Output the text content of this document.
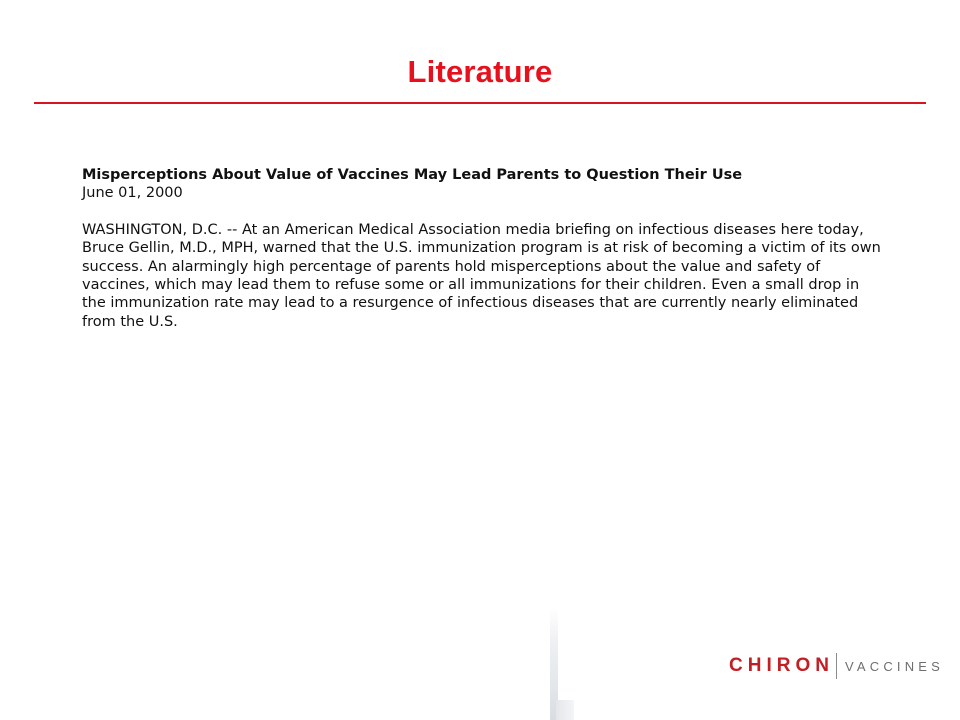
Literature

Misperceptions About Value of Vaccines May Lead Parents to Question Their Use

June 01, 2000

WASHINGTON, D.C. -- At an American Medical Association media briefing on infectious diseases here today, Bruce Gellin, M.D., MPH, warned that the U.S. immunization program is at risk of becoming a victim of its own success. An alarmingly high percentage of parents hold misperceptions about the value and safety of vaccines, which may lead them to refuse some or all immunizations for their children. Even a small drop in the immunization rate may lead to a resurgence of infectious diseases that are currently nearly eliminated from the U.S.

CHIRON VACCINES
